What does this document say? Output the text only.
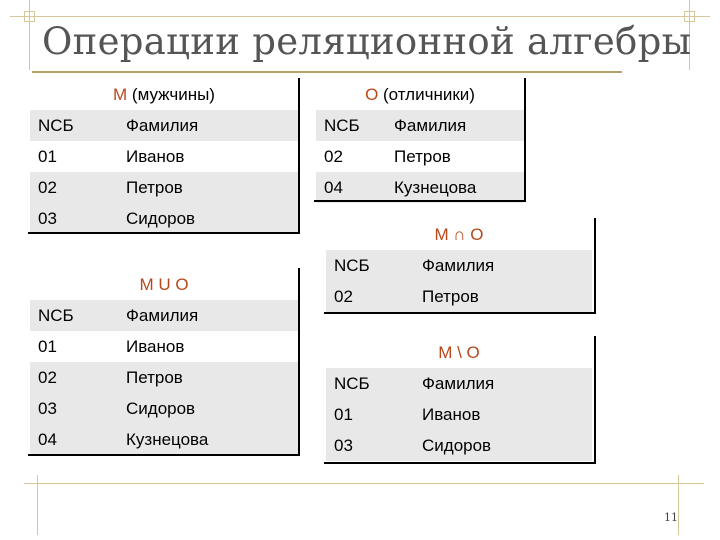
Операции реляционной алгебры
М (мужчины)	
NCБ	Фамилия
01	Иванов
02	Петров
03	Сидоров
О (отличники)	
NCБ	Фамилия
02	Петров
04	Кузнецова
М U О	
NCБ	Фамилия
01	Иванов
02	Петров
03	Сидоров
04	Кузнецова
М ∩ О	
NCБ	Фамилия
02	Петров
М \ О	
NCБ	Фамилия
01	Иванов
03	Сидоров
11
